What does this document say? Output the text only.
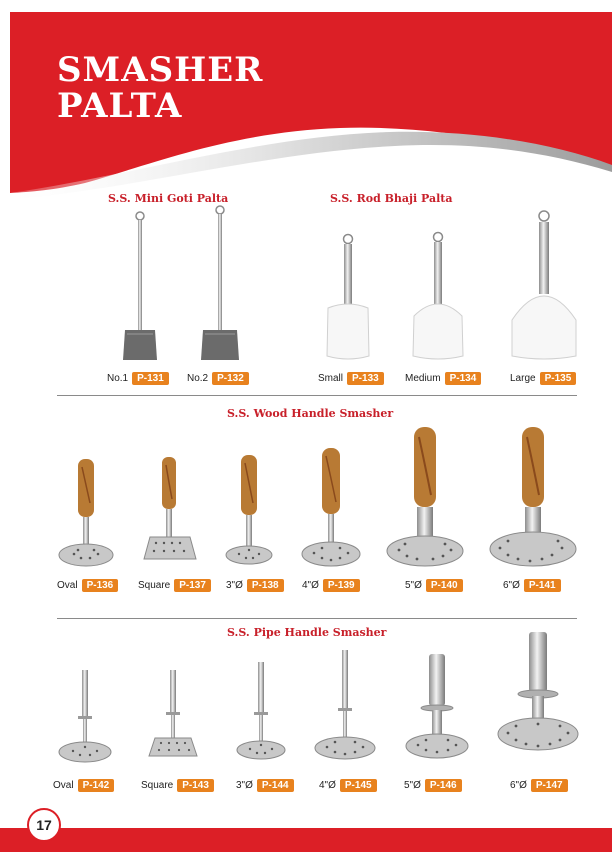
SMASHER
PALTA
S.S. Mini Goti Palta	S.S. Rod Bhaji Palta
S.S. Wood Handle Smasher
S.S. Pipe Handle Smasher
No.1 P-131	No.2 P-132	Small P-133	Medium P-134	Large P-135
Oval P-136	Square P-137	3"Ø P-138	4"Ø P-139	5"Ø P-140	6"Ø P-141
Oval P-142	Square P-143	3"Ø P-144	4"Ø P-145	5"Ø P-146	6"Ø P-147
17
